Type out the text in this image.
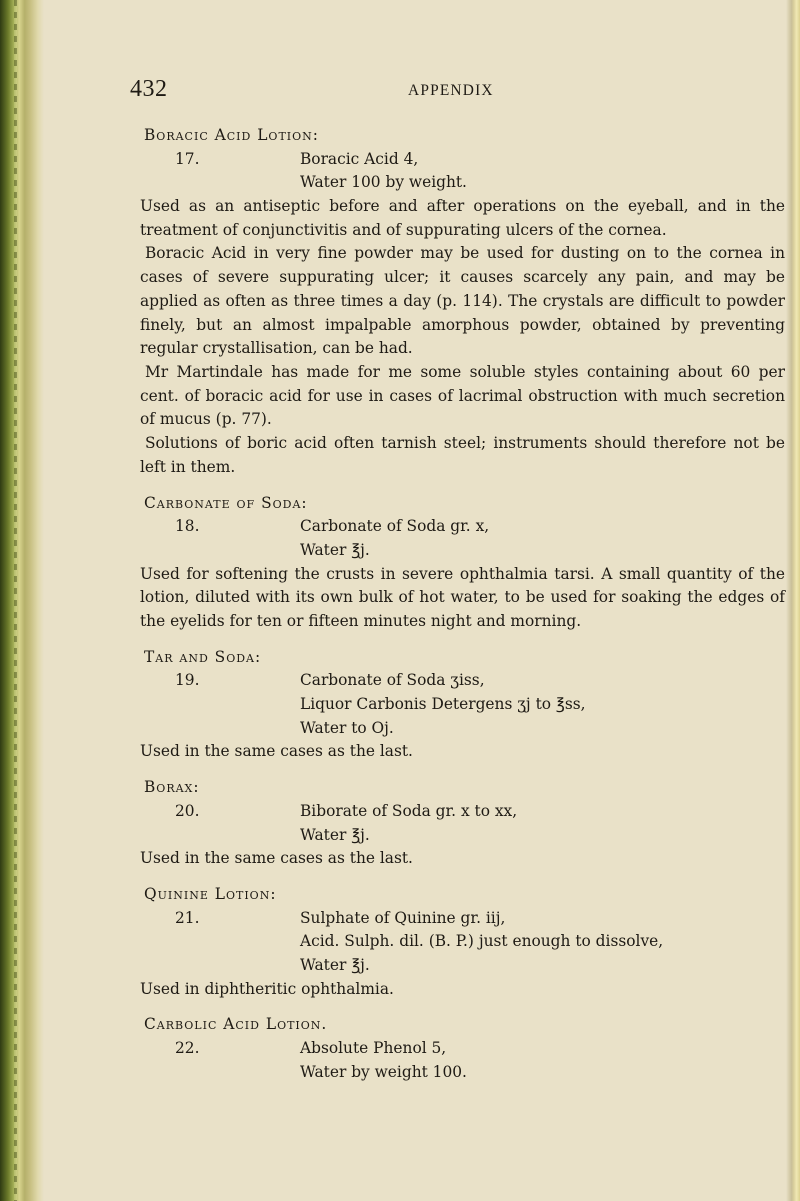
432	APPENDIX
Boracic Acid Lotion:
17.	Boracic Acid 4,
Water 100 by weight.

Used as an antiseptic before and after operations on the eyeball, and in the treatment of conjunctivitis and of suppurating ulcers of the cornea.

Boracic Acid in very fine powder may be used for dusting on to the cornea in cases of severe suppurating ulcer; it causes scarcely any pain, and may be applied as often as three times a day (p. 114). The crystals are difficult to powder finely, but an almost impalpable amorphous powder, obtained by preventing regular crystallisation, can be had.

Mr Martindale has made for me some soluble styles containing about 60 per cent. of boracic acid for use in cases of lacrimal obstruction with much secretion of mucus (p. 77).

Solutions of boric acid often tarnish steel; instruments should therefore not be left in them.

Carbonate of Soda:
18.	Carbonate of Soda gr. x,
Water ℥j.

Used for softening the crusts in severe ophthalmia tarsi. A small quantity of the lotion, diluted with its own bulk of hot water, to be used for soaking the edges of the eyelids for ten or fifteen minutes night and morning.

Tar and Soda:
19.	Carbonate of Soda ʒiss,
Liquor Carbonis Detergens ʒj to ℥ss,
Water to Oj.

Used in the same cases as the last.

Borax:
20.	Biborate of Soda gr. x to xx,
Water ℥j.

Used in the same cases as the last.

Quinine Lotion:
21.	Sulphate of Quinine gr. iij,
Acid. Sulph. dil. (B. P.) just enough to dissolve,
Water ℥j.

Used in diphtheritic ophthalmia.

Carbolic Acid Lotion.
22.	Absolute Phenol 5,
Water by weight 100.
